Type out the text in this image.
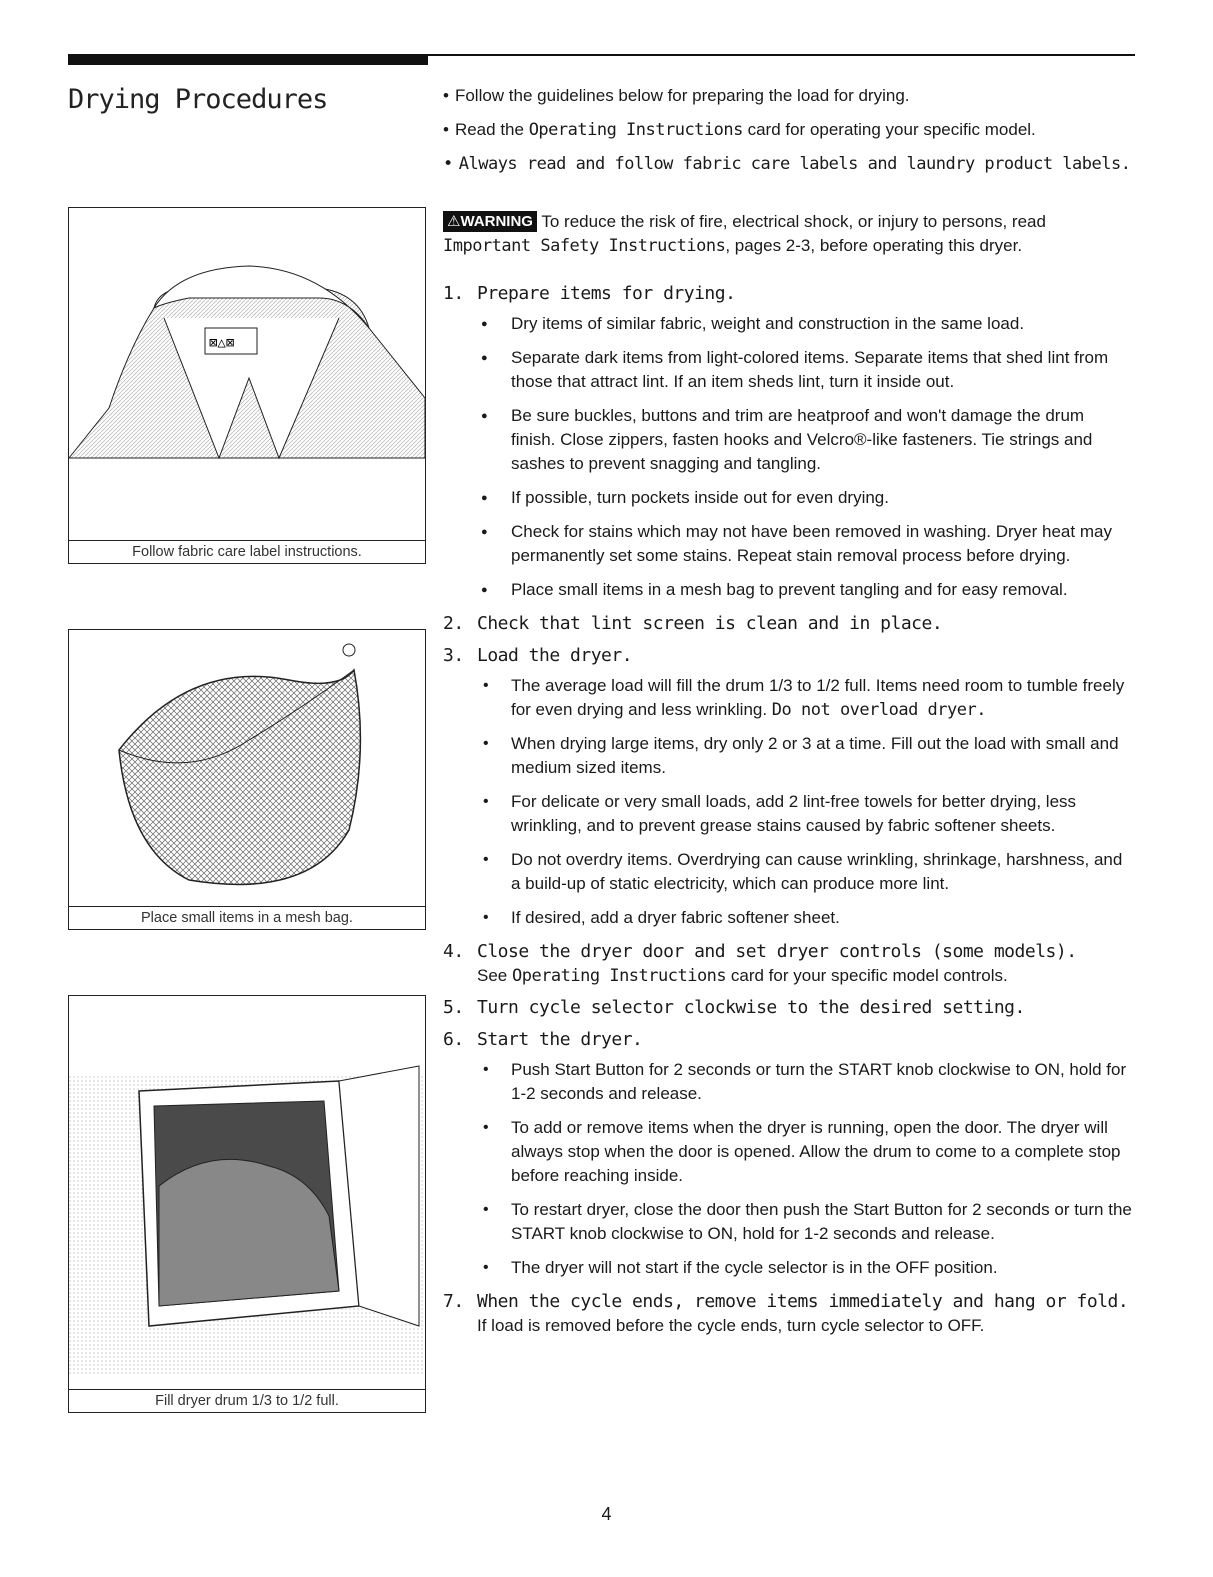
Drying Procedures
•	Follow the guidelines below for preparing the load for drying.
• Read the Operating Instructions card for operating your specific model.
• Always read and follow fabric care labels and laundry product labels.
⚠WARNING To reduce the risk of fire, electrical shock, or injury to persons, read Important Safety Instructions, pages 2-3, before operating this dryer.
⊠△⊠
Follow fabric care label instructions.
Place small items in a mesh bag.
Fill dryer drum 1/3 to 1/2 full.
1. Prepare items for drying.
● Dry items of similar fabric, weight and construction in the same load.
● Separate dark items from light-colored items. Separate items that shed lint from those that attract lint. If an item sheds lint, turn it inside out.
● Be sure buckles, buttons and trim are heatproof and won't damage the drum finish. Close zippers, fasten hooks and Velcro®-like fasteners. Tie strings and sashes to prevent snagging and tangling.
● If possible, turn pockets inside out for even drying.
● Check for stains which may not have been removed in washing. Dryer heat may permanently set some stains. Repeat stain removal process before drying.
● Place small items in a mesh bag to prevent tangling and for easy removal.
2. Check that lint screen is clean and in place.
3. Load the dryer.
• The average load will fill the drum 1/3 to 1/2 full. Items need room to tumble freely for even drying and less wrinkling. Do not overload dryer.
• When drying large items, dry only 2 or 3 at a time. Fill out the load with small and medium sized items.
• For delicate or very small loads, add 2 lint-free towels for better drying, less wrinkling, and to prevent grease stains caused by fabric softener sheets.
• Do not overdry items. Overdrying can cause wrinkling, shrinkage, harshness, and a build-up of static electricity, which can produce more lint.
• If desired, add a dryer fabric softener sheet.
4. Close the dryer door and set dryer controls (some models).
See Operating Instructions card for your specific model controls.
5. Turn cycle selector clockwise to the desired setting.
6. Start the dryer.
• Push Start Button for 2 seconds or turn the START knob clockwise to ON, hold for 1-2 seconds and release.
• To add or remove items when the dryer is running, open the door. The dryer will always stop when the door is opened. Allow the drum to come to a complete stop before reaching inside.
• To restart dryer, close the door then push the Start Button for 2 seconds or turn the START knob clockwise to ON, hold for 1-2 seconds and release.
• The dryer will not start if the cycle selector is in the OFF position.
7. When the cycle ends, remove items immediately and hang or fold.
If load is removed before the cycle ends, turn cycle selector to OFF.
4
